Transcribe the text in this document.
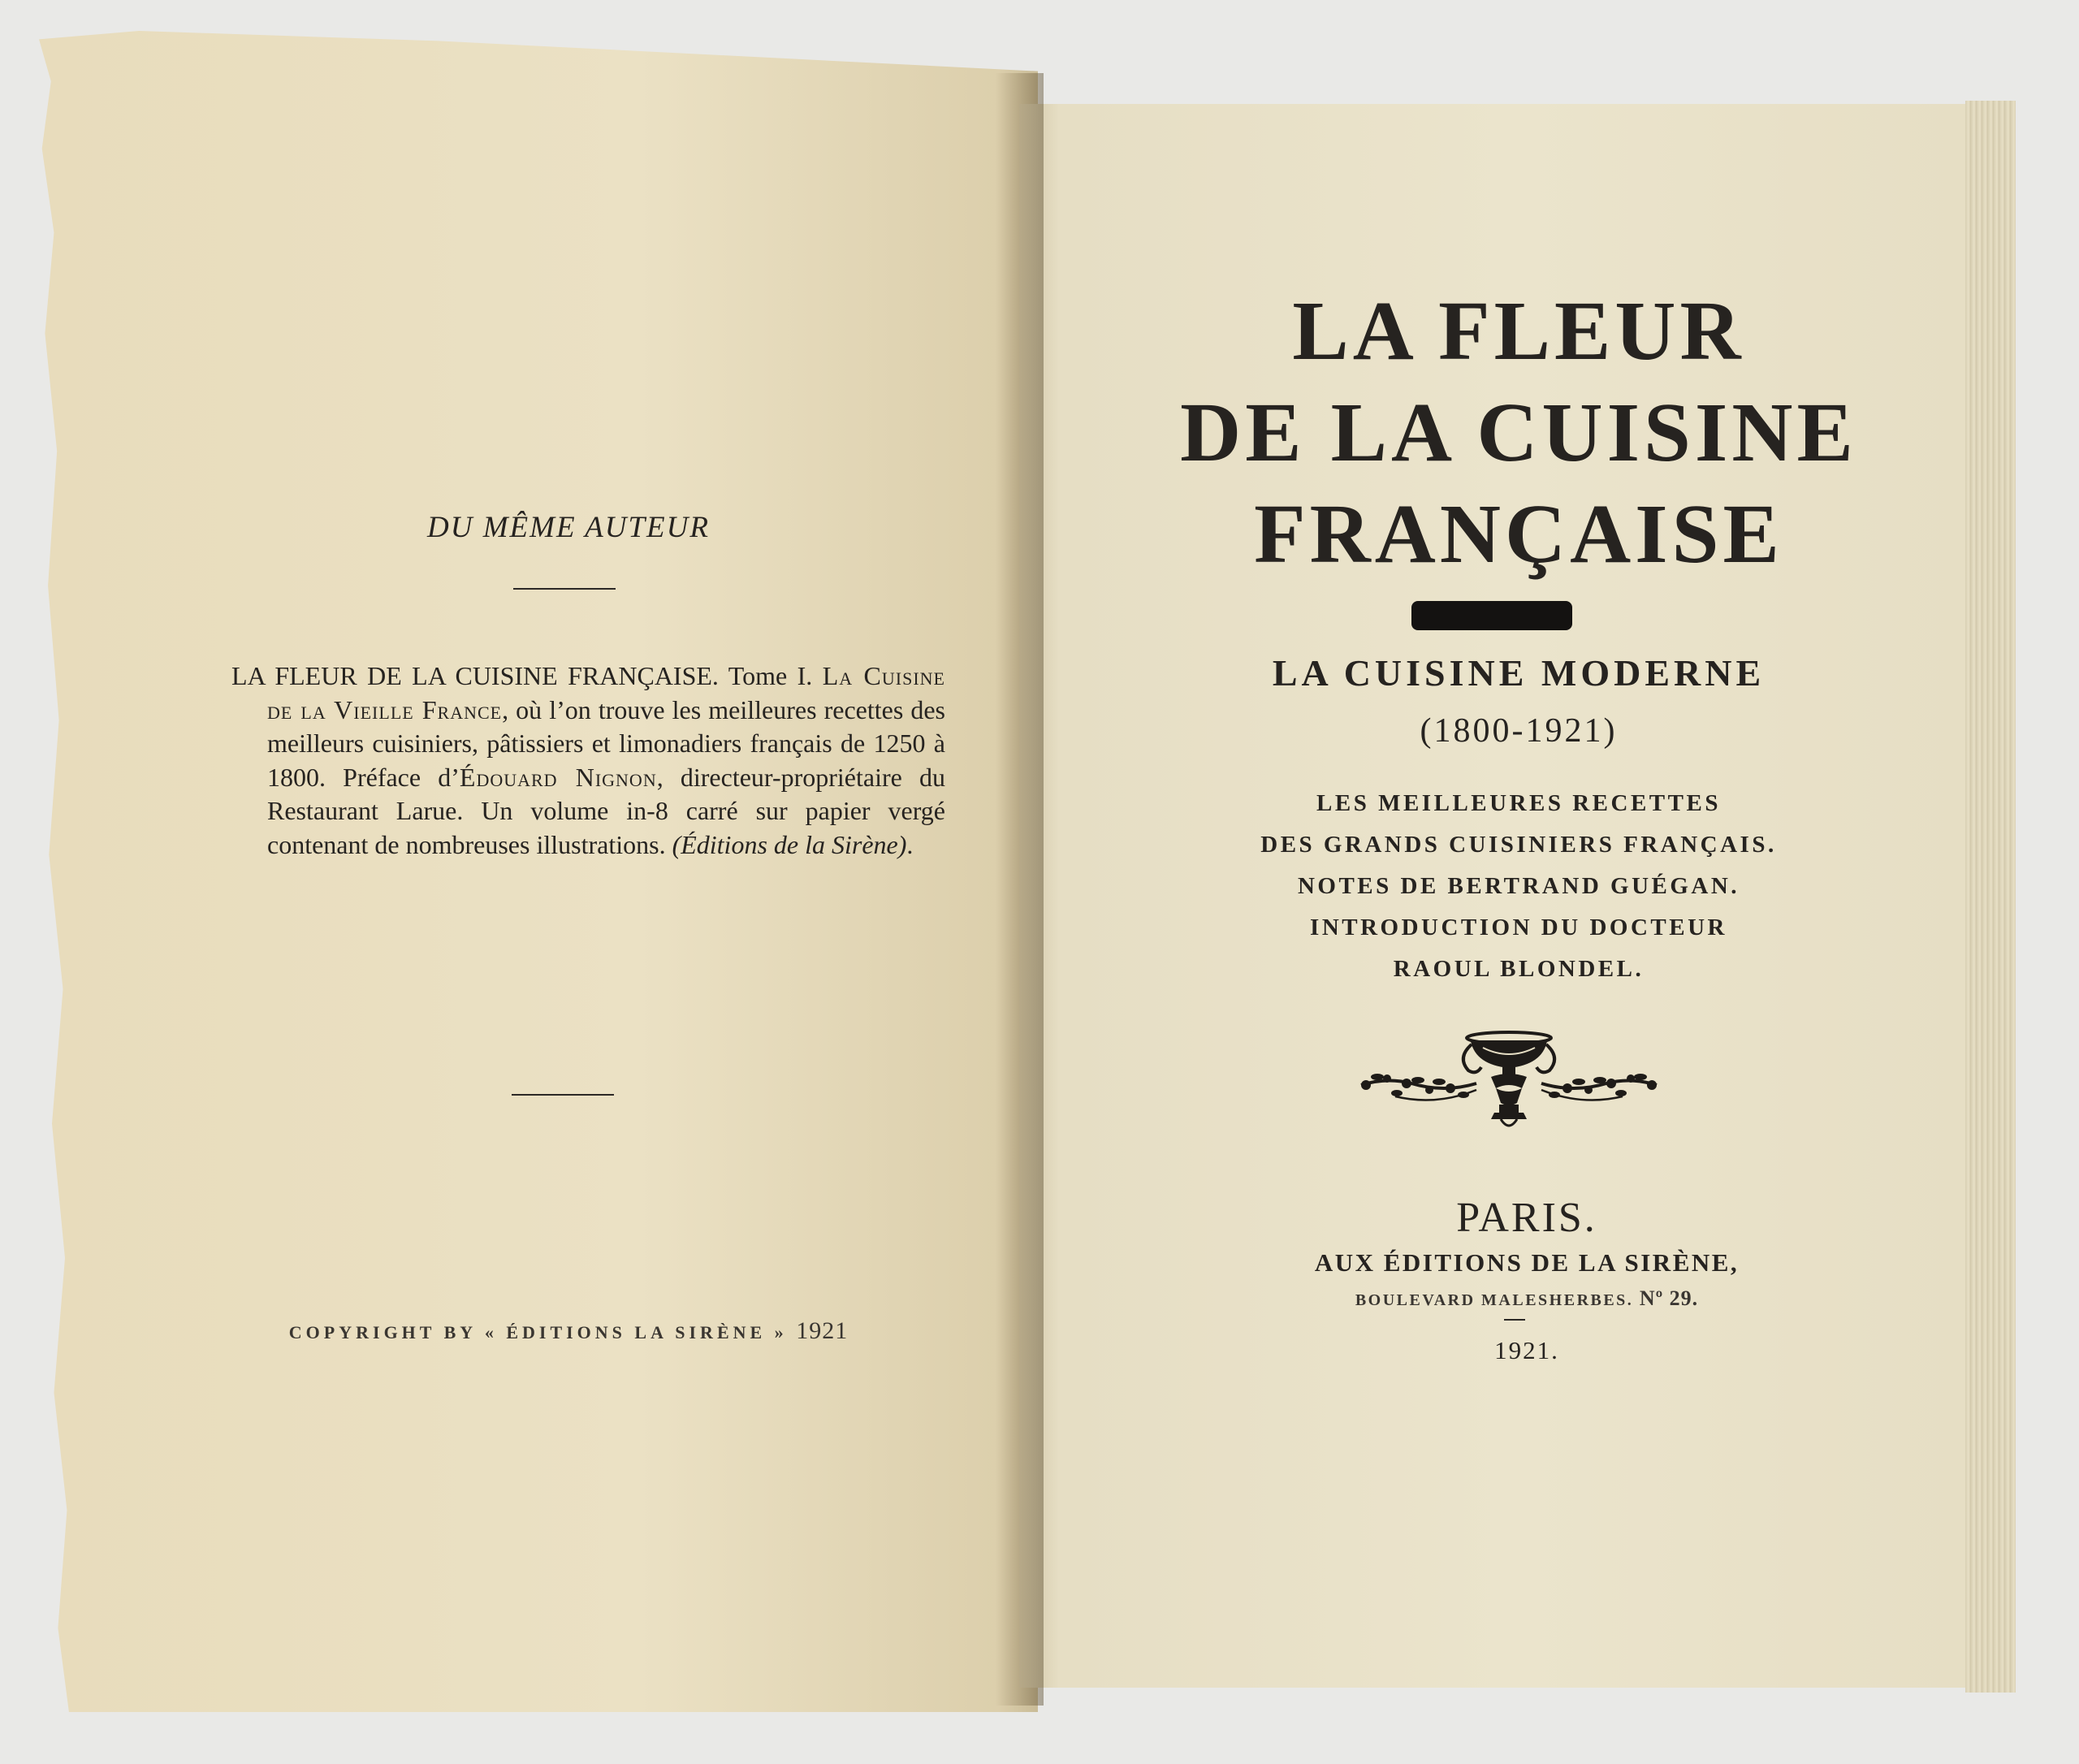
DU MÊME AUTEUR
LA FLEUR DE LA CUISINE FRANÇAISE. Tome I. La Cuisine de la Vieille France, où l’on trouve les meilleures recettes des meilleurs cuisiniers, pâtissiers et limonadiers français de 1250 à 1800. Préface d’Édouard Nignon, directeur-propriétaire du Restaurant Larue. Un volume in-8 carré sur papier vergé contenant de nombreuses illustrations. (Éditions de la Sirène).
COPYRIGHT BY « ÉDITIONS LA SIRÈNE » 1921
LA FLEUR
DE LA CUISINE
FRANÇAISE
LA CUISINE MODERNE
(1800-1921)
LES MEILLEURES RECETTES
DES GRANDS CUISINIERS FRANÇAIS.
NOTES DE BERTRAND GUÉGAN.
INTRODUCTION DU DOCTEUR
RAOUL BLONDEL.
PARIS.
AUX ÉDITIONS DE LA SIRÈNE,
BOULEVARD MALESHERBES. Nº 29.
1921.
